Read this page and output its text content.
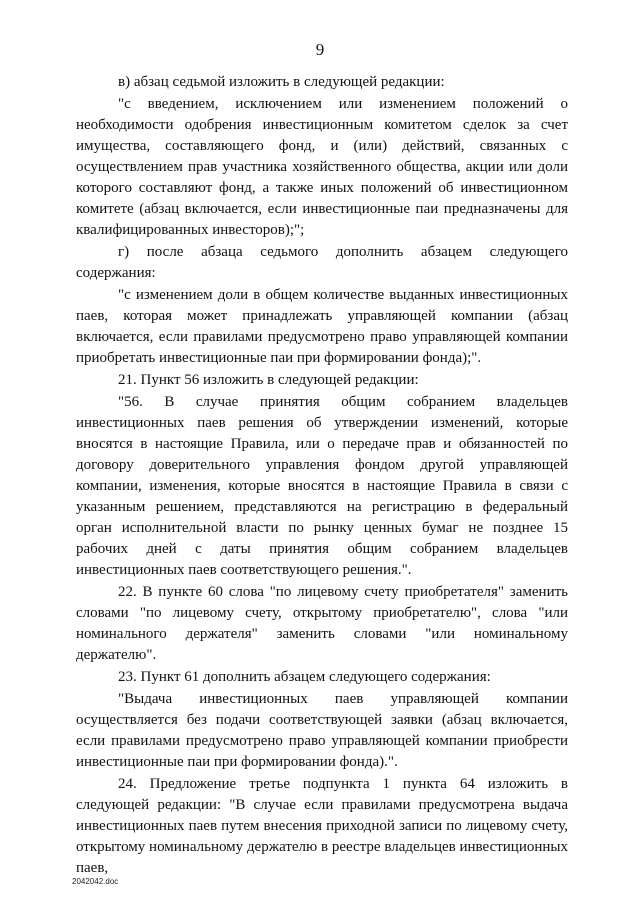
9

в) абзац седьмой изложить в следующей редакции:

"с введением, исключением или изменением положений о необходимости одобрения инвестиционным комитетом сделок за счет имущества, составляющего фонд, и (или) действий, связанных с осуществлением прав участника хозяйственного общества, акции или доли которого составляют фонд, а также иных положений об инвестиционном комитете (абзац включается, если инвестиционные паи предназначены для квалифицированных инвесторов);";

г) после абзаца седьмого дополнить абзацем следующего содержания:

"с изменением доли в общем количестве выданных инвестиционных паев, которая может принадлежать управляющей компании (абзац включается, если правилами предусмотрено право управляющей компании приобретать инвестиционные паи при формировании фонда);".

21. Пункт 56 изложить в следующей редакции:

"56. В случае принятия общим собранием владельцев инвестиционных паев решения об утверждении изменений, которые вносятся в настоящие Правила, или о передаче прав и обязанностей по договору доверительного управления фондом другой управляющей компании, изменения, которые вносятся в настоящие Правила в связи с указанным решением, представляются на регистрацию в федеральный орган исполнительной власти по рынку ценных бумаг не позднее 15 рабочих дней с даты принятия общим собранием владельцев инвестиционных паев соответствующего решения.".

22. В пункте 60 слова "по лицевому счету приобретателя" заменить словами "по лицевому счету, открытому приобретателю", слова "или номинального держателя" заменить словами "или номинальному держателю".

23. Пункт 61 дополнить абзацем следующего содержания:

"Выдача инвестиционных паев управляющей компании осуществляется без подачи соответствующей заявки (абзац включается, если правилами предусмотрено право управляющей компании приобрести инвестиционные паи при формировании фонда).".

24. Предложение третье подпункта 1 пункта 64 изложить в следующей редакции: "В случае если правилами предусмотрена выдача инвестиционных паев путем внесения приходной записи по лицевому счету, открытому номинальному держателю в реестре владельцев инвестиционных паев,

2042042.doc
